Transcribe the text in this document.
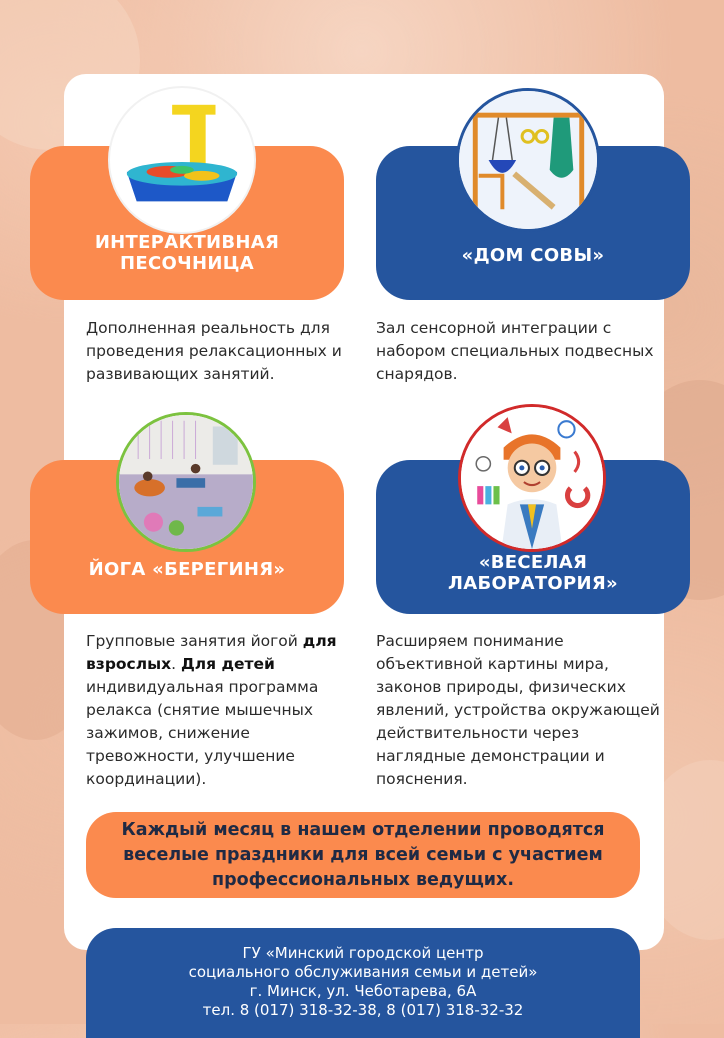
ИНТЕРАКТИВНАЯ
ПЕСОЧНИЦА
Дополненная реальность для проведения релаксационных и развивающих занятий.
«ДОМ СОВЫ»
Зал сенсорной интеграции с набором специальных подвесных снарядов.
ЙОГА «БЕРЕГИНЯ»
Групповые занятия йогой для взрослых. Для детей индивидуальная программа релакса (снятие мышечных зажимов, снижение тревожности, улучшение координации).
«ВЕСЕЛАЯ
ЛАБОРАТОРИЯ»
Расширяем понимание объективной картины мира, законов природы, физических явлений, устройства окружающей действительности через наглядные демонстрации и пояснения.
Каждый месяц в нашем отделении проводятся
веселые праздники для всей семьи с участием
профессиональных ведущих.
ГУ «Минский городской центр
социального обслуживания семьи и детей»
г. Минск, ул. Чеботарева, 6А
тел. 8 (017) 318-32-38, 8 (017) 318-32-32
